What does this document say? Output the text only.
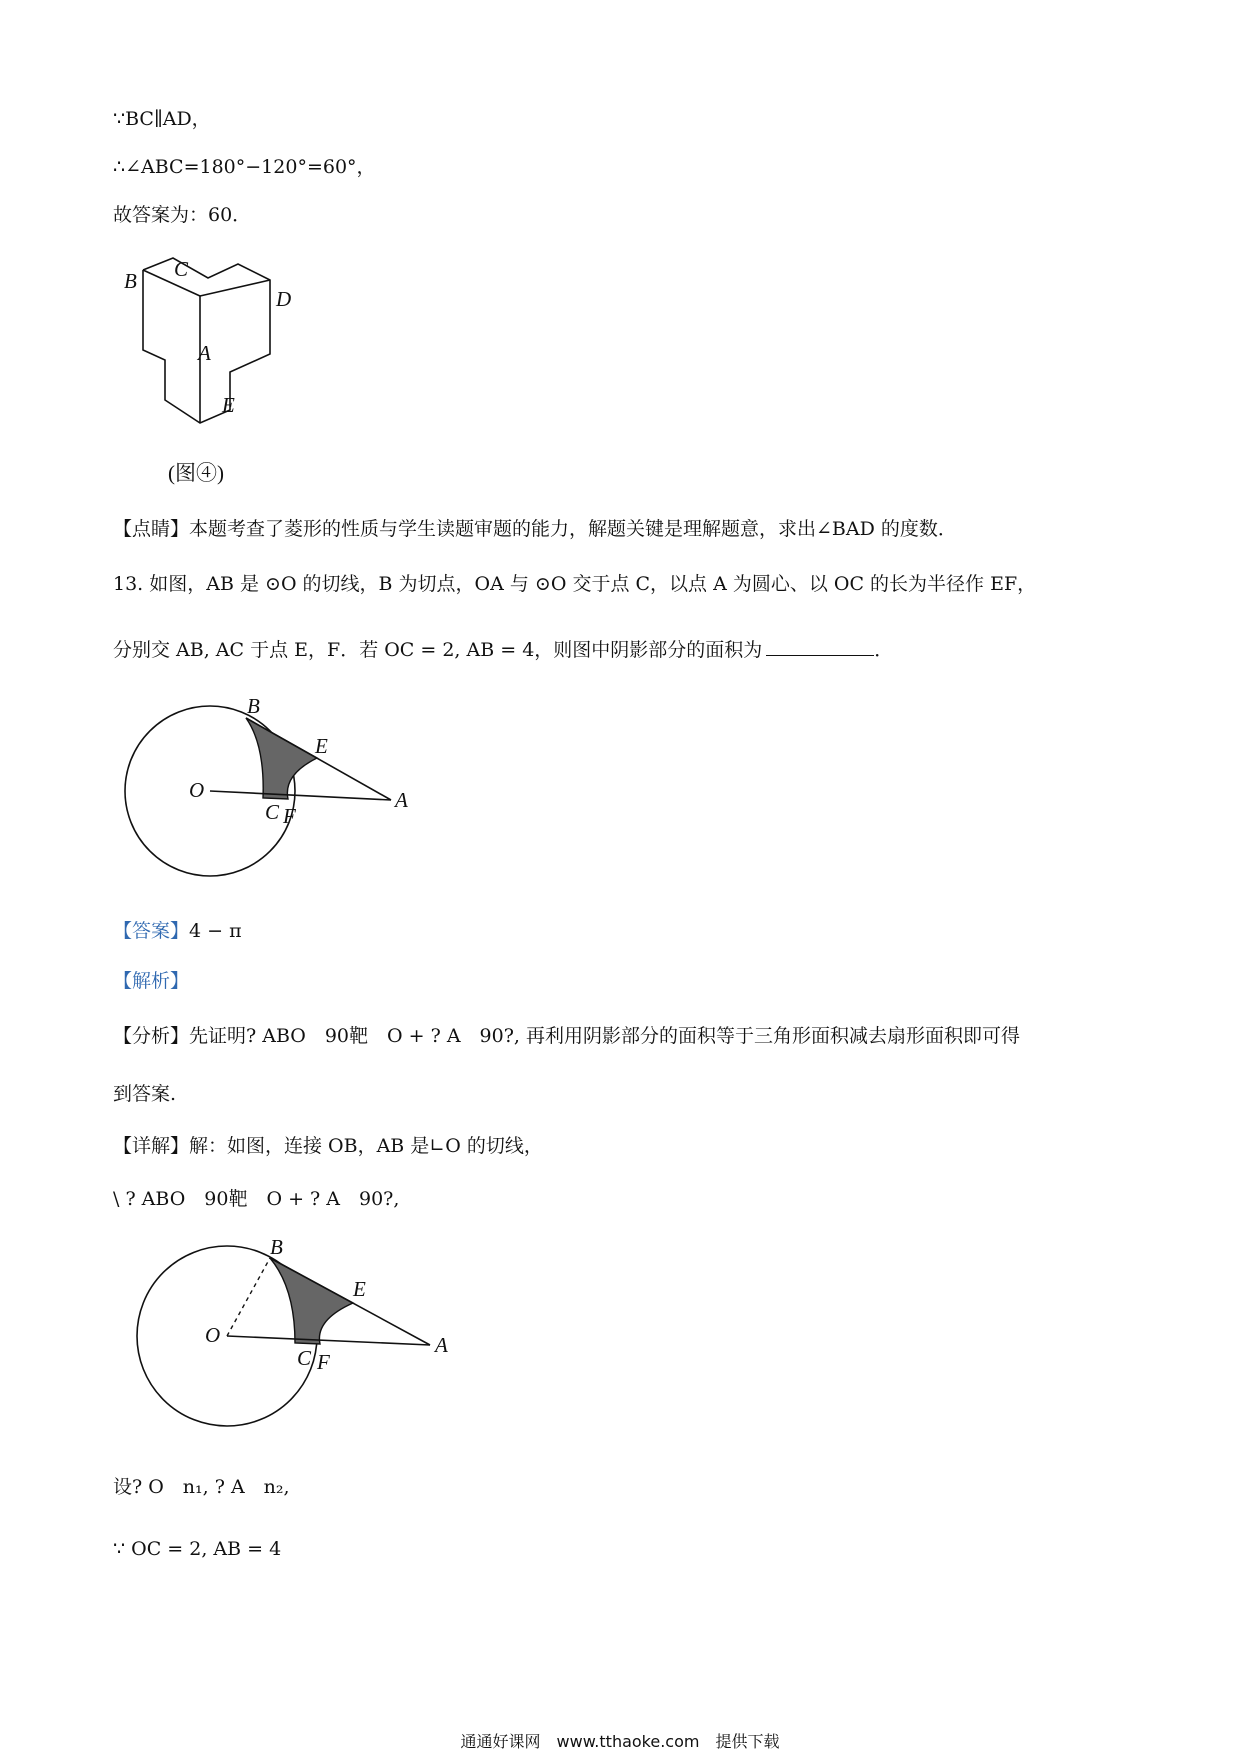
∵BC∥AD，
∴∠ABC=180°−120°=60°，
故答案为：60．
B C
D
A
E
(图④)
【点睛】本题考查了菱形的性质与学生读题审题的能力，解题关键是理解题意，求出∠BAD 的度数．
13. 如图，AB 是 ⊙O 的切线，B 为切点，OA 与 ⊙O 交于点 C，以点 A 为圆心、以 OC 的长为半径作 EF，
分别交 AB, AC 于点 E，F．若 OC = 2, AB = 4，则图中阴影部分的面积为	．
B
E
O
C F
A
【答案】4 − π
【解析】
【分析】先证明? ABO　90靶　O + ? A　90?, 再利用阴影部分的面积等于三角形面积减去扇形面积即可得
到答案.
【详解】解：如图，连接 OB，AB 是∟O 的切线，
\ ? ABO　90靶　O + ? A　90?,
B
E
O
C F
A
设? O　n₁, ? A　n₂,
∵ OC = 2, AB = 4
通通好课网　www.tthaoke.com　提供下载
